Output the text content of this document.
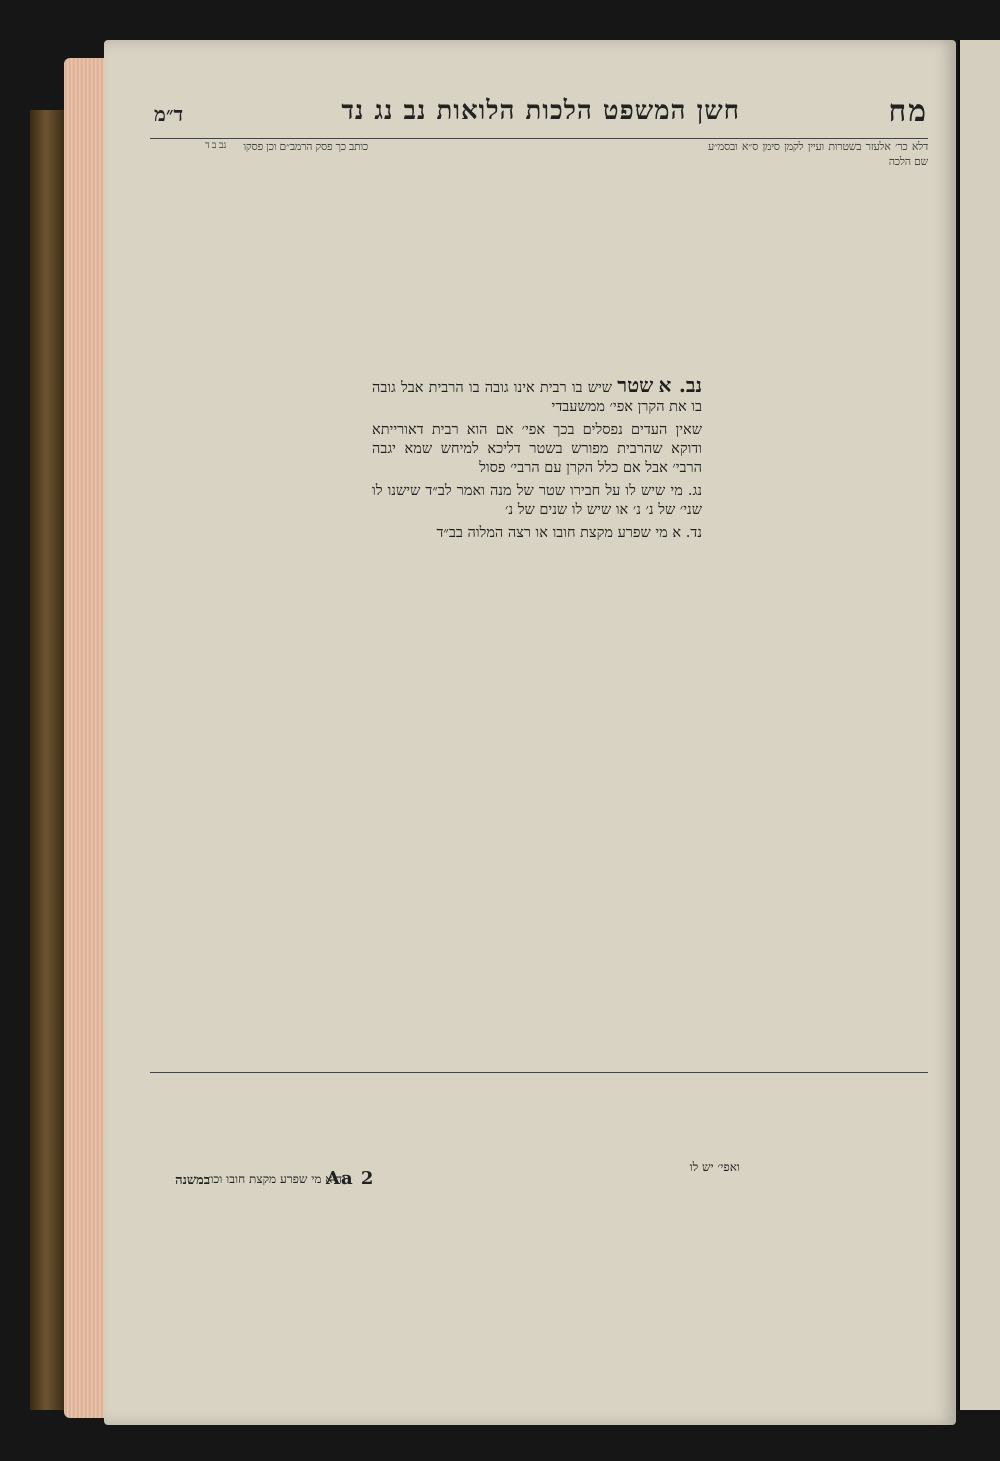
מח
חשן המשפט הלכות הלואות נב נג נד
ד״מ
דלא כר׳ אלעזר בשטרות ועיין לקמן סימן ס״א ובסמ״ע שם הלכה
כותב כך פסק הרמב״ם וכן פסקו
נב ב ד

נב. א שטר שיש בו רבית אינו גובה בו הרבית אבל גובה בו את הקרן אפי׳ ממשעבדי

שאין העדים נפסלים בכך אפי׳ אם הוא רבית דאורייתא ודוקא שהרבית מפורש בשטר דליכא למיחש שמא יגבה הרבי׳ אבל אם כלל הקרן עם הרבי׳ פסול

נג. מי שיש לו על חבירו שטר של מנה ואמר לב״ד שישנו לו שני׳ של נ׳ נ׳ או שיש לו שנים של נ׳

נד. א מי שפרע מקצת חובו או רצה המלוה בב״ד

נד א מי שפרע מקצת חובו וכו׳
Aa 2
ואפי׳ יש לו
במשנה
